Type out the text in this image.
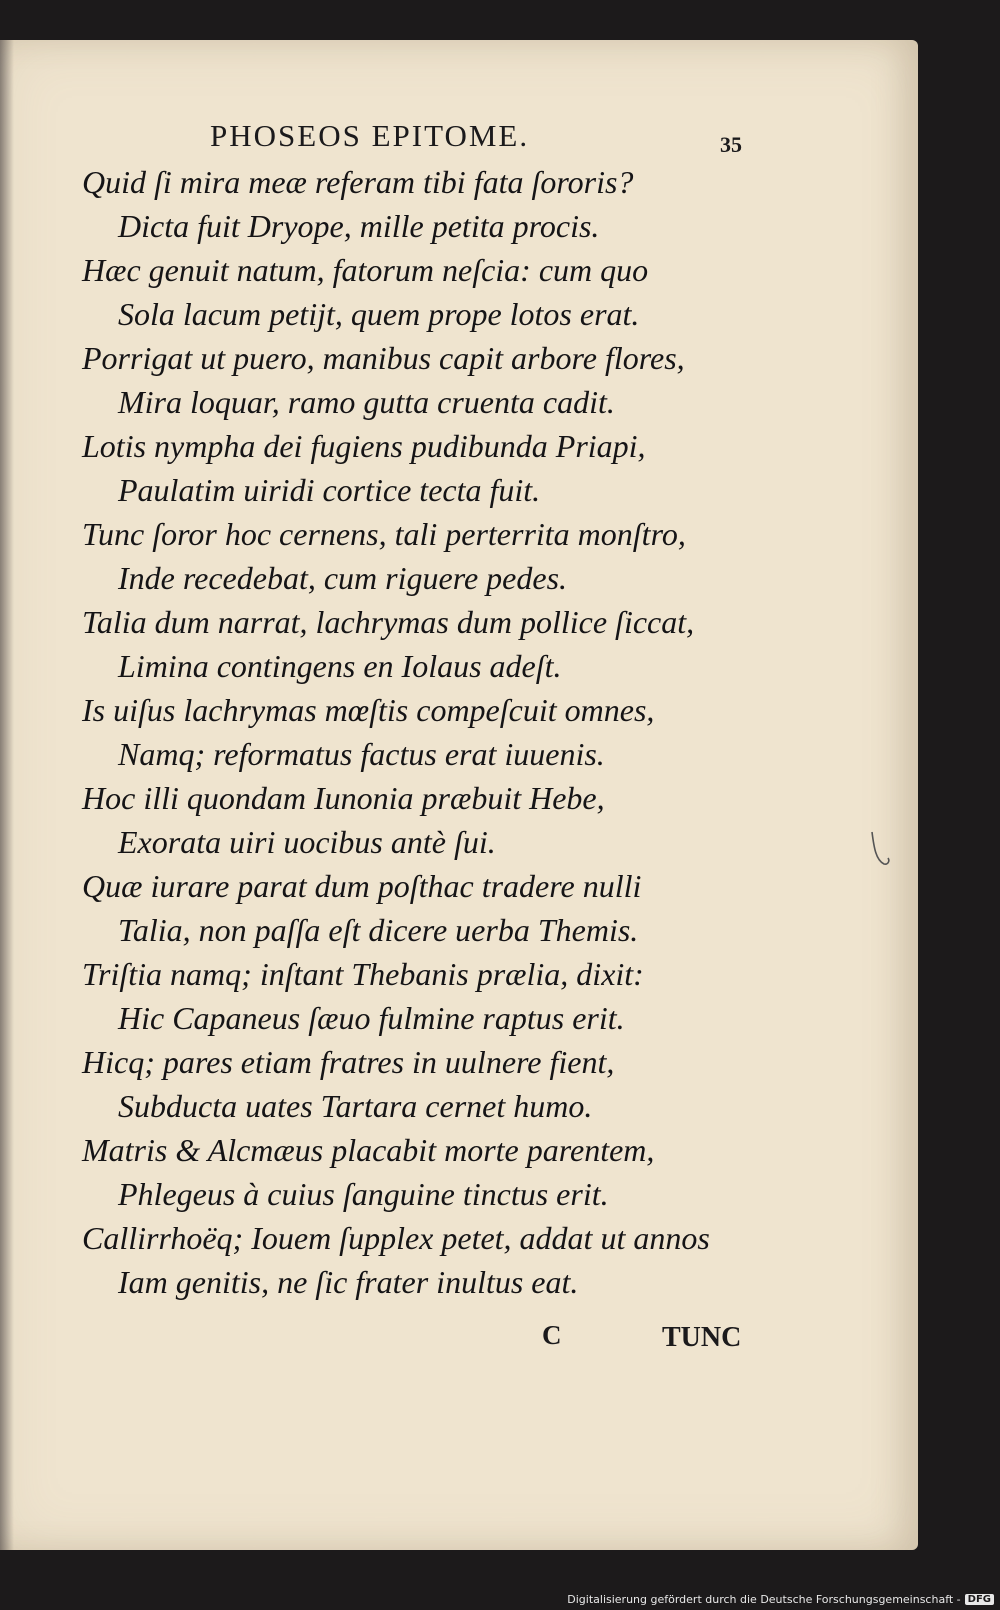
PHOSEOS EPITOME.	35
Quid ſi mira meæ referam tibi fata ſororis?
Dicta fuit Dryope, mille petita procis.
Hæc genuit natum, fatorum neſcia: cum quo
Sola lacum petijt, quem prope lotos erat.
Porrigat ut puero, manibus capit arbore flores,
Mira loquar, ramo gutta cruenta cadit.
Lotis nympha dei fugiens pudibunda Priapi,
Paulatim uiridi cortice tecta fuit.
Tunc ſoror hoc cernens, tali perterrita monſtro,
Inde recedebat, cum riguere pedes.
Talia dum narrat, lachrymas dum pollice ſiccat,
Limina contingens en Iolaus adeſt.
Is uiſus lachrymas mœſtis compeſcuit omnes,
Namq; reformatus factus erat iuuenis.
Hoc illi quondam Iunonia præbuit Hebe,
Exorata uiri uocibus antè ſui.
Quæ iurare parat dum poſthac tradere nulli
Talia, non paſſa eſt dicere uerba Themis.
Triſtia namq; inſtant Thebanis prælia, dixit:
Hic Capaneus ſæuo fulmine raptus erit.
Hicq; pares etiam fratres in uulnere fient,
Subducta uates Tartara cernet humo.
Matris & Alcmæus placabit morte parentem,
Phlegeus à cuius ſanguine tinctus erit.
Callirrhoëq; Iouem ſupplex petet, addat ut annos
Iam genitis, ne ſic frater inultus eat.
C	TUNC
Digitalisierung gefördert durch die Deutsche Forschungsgemeinschaft - DFG
